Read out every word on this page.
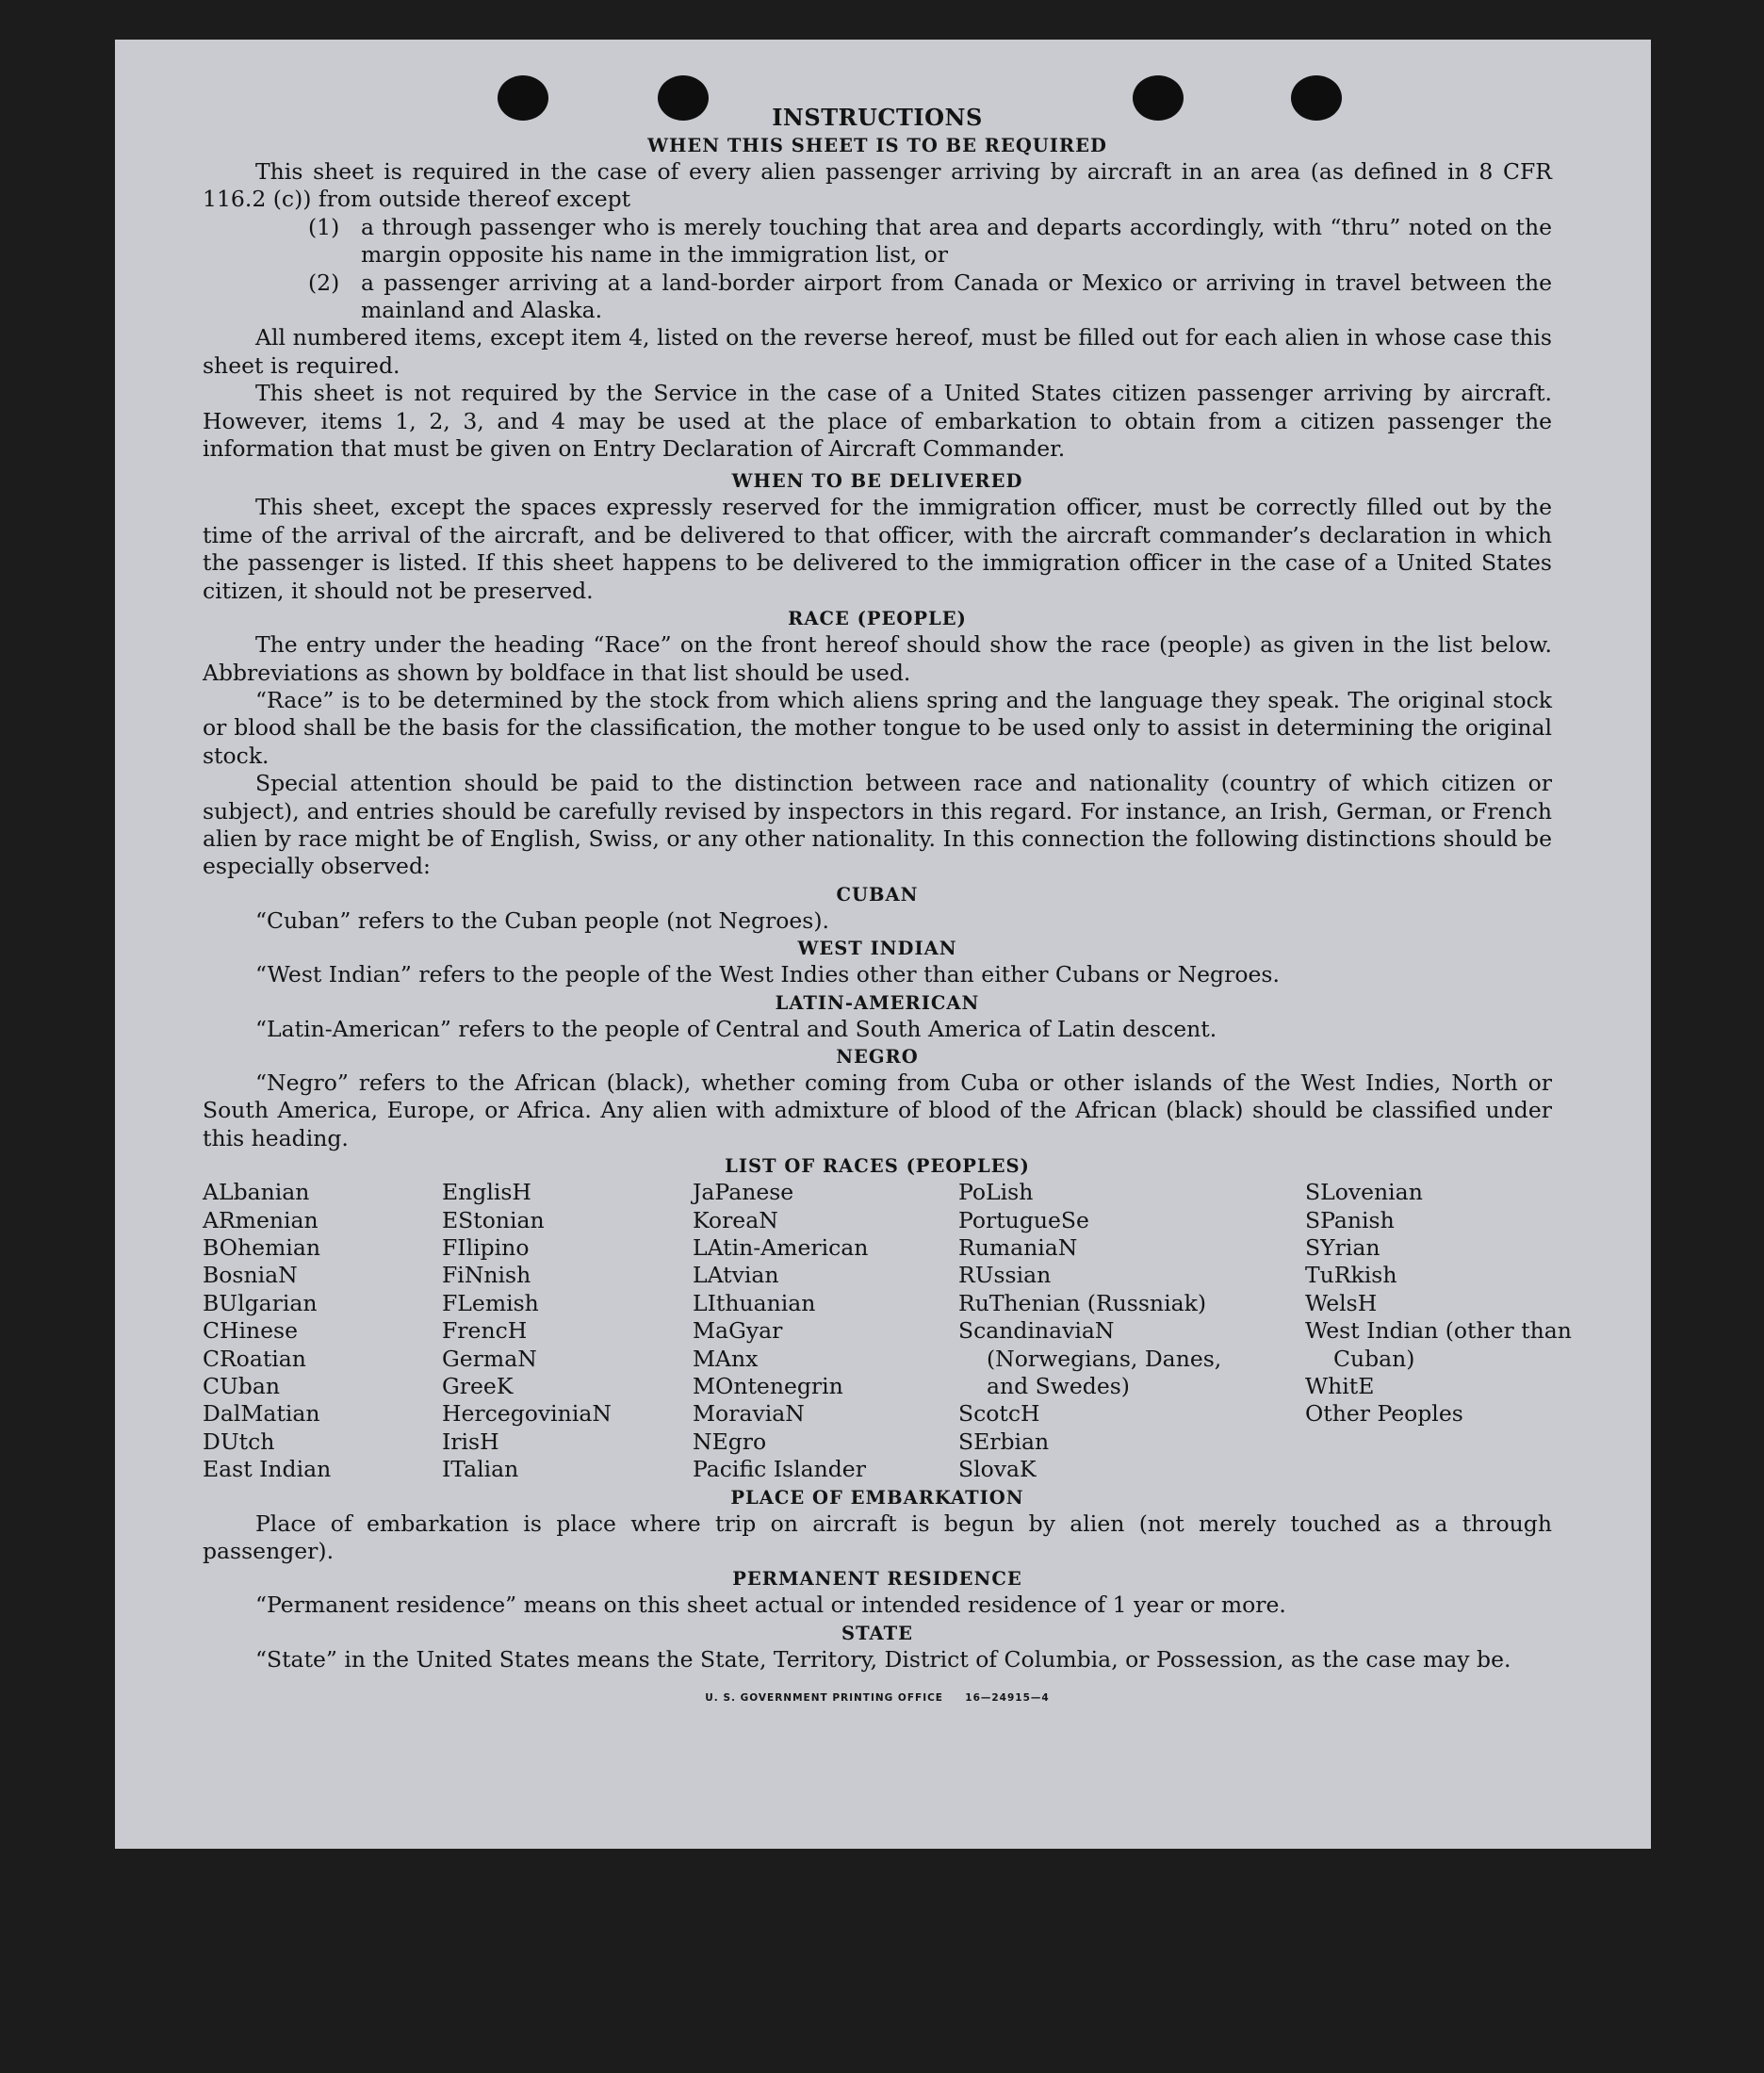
INSTRUCTIONS
WHEN THIS SHEET IS TO BE REQUIRED
This sheet is required in the case of every alien passenger arriving by aircraft in an area (as defined in 8 CFR 116.2 (c)) from outside thereof except
(1) a through passenger who is merely touching that area and departs accordingly, with “thru” noted on the margin opposite his name in the immigration list, or
(2) a passenger arriving at a land-border airport from Canada or Mexico or arriving in travel between the mainland and Alaska.
All numbered items, except item 4, listed on the reverse hereof, must be filled out for each alien in whose case this sheet is required.
This sheet is not required by the Service in the case of a United States citizen passenger arriving by aircraft. However, items 1, 2, 3, and 4 may be used at the place of embarkation to obtain from a citizen passenger the information that must be given on Entry Declaration of Aircraft Commander.
WHEN TO BE DELIVERED
This sheet, except the spaces expressly reserved for the immigration officer, must be correctly filled out by the time of the arrival of the aircraft, and be delivered to that officer, with the aircraft commander’s declaration in which the passenger is listed. If this sheet happens to be delivered to the immigration officer in the case of a United States citizen, it should not be preserved.
RACE (PEOPLE)
The entry under the heading “Race” on the front hereof should show the race (people) as given in the list below. Abbreviations as shown by boldface in that list should be used.
“Race” is to be determined by the stock from which aliens spring and the language they speak. The original stock or blood shall be the basis for the classification, the mother tongue to be used only to assist in determining the original stock.
Special attention should be paid to the distinction between race and nationality (country of which citizen or subject), and entries should be carefully revised by inspectors in this regard. For instance, an Irish, German, or French alien by race might be of English, Swiss, or any other nationality. In this connection the following distinctions should be especially observed:
CUBAN
“Cuban” refers to the Cuban people (not Negroes).
WEST INDIAN
“West Indian” refers to the people of the West Indies other than either Cubans or Negroes.
LATIN-AMERICAN
“Latin-American” refers to the people of Central and South America of Latin descent.
NEGRO
“Negro” refers to the African (black), whether coming from Cuba or other islands of the West Indies, North or South America, Europe, or Africa. Any alien with admixture of blood of the African (black) should be classified under this heading.
LIST OF RACES (PEOPLES)
ALbanian
ARmenian
BOhemian
BosniaN
BUlgarian
CHinese
CRoatian
CUban
DalMatian
DUtch
East Indian
EnglisH
EStonian
FIlipino
FiNnish
FLemish
FrencH
GermaN
GreeK
HercegoviniaN
IrisH
ITalian
JaPanese
KoreaN
LAtin-American
LAtvian
LIthuanian
MaGyar
MAnx
MOntenegrin
MoraviaN
NEgro
Pacific Islander
PoLish
PortugueSe
RumaniaN
RUssian
RuThenian (Russniak)
ScandinaviaN (Norwegians, Danes, and Swedes)
ScotcH
SErbian
SlovaK
SLovenian
SPanish
SYrian
TuRkish
WelsH
West Indian (other than Cuban)
WhitE
Other Peoples
PLACE OF EMBARKATION
Place of embarkation is place where trip on aircraft is begun by alien (not merely touched as a through passenger).
PERMANENT RESIDENCE
“Permanent residence” means on this sheet actual or intended residence of 1 year or more.
STATE
“State” in the United States means the State, Territory, District of Columbia, or Possession, as the case may be.
U. S. GOVERNMENT PRINTING OFFICE     16—24915—4
